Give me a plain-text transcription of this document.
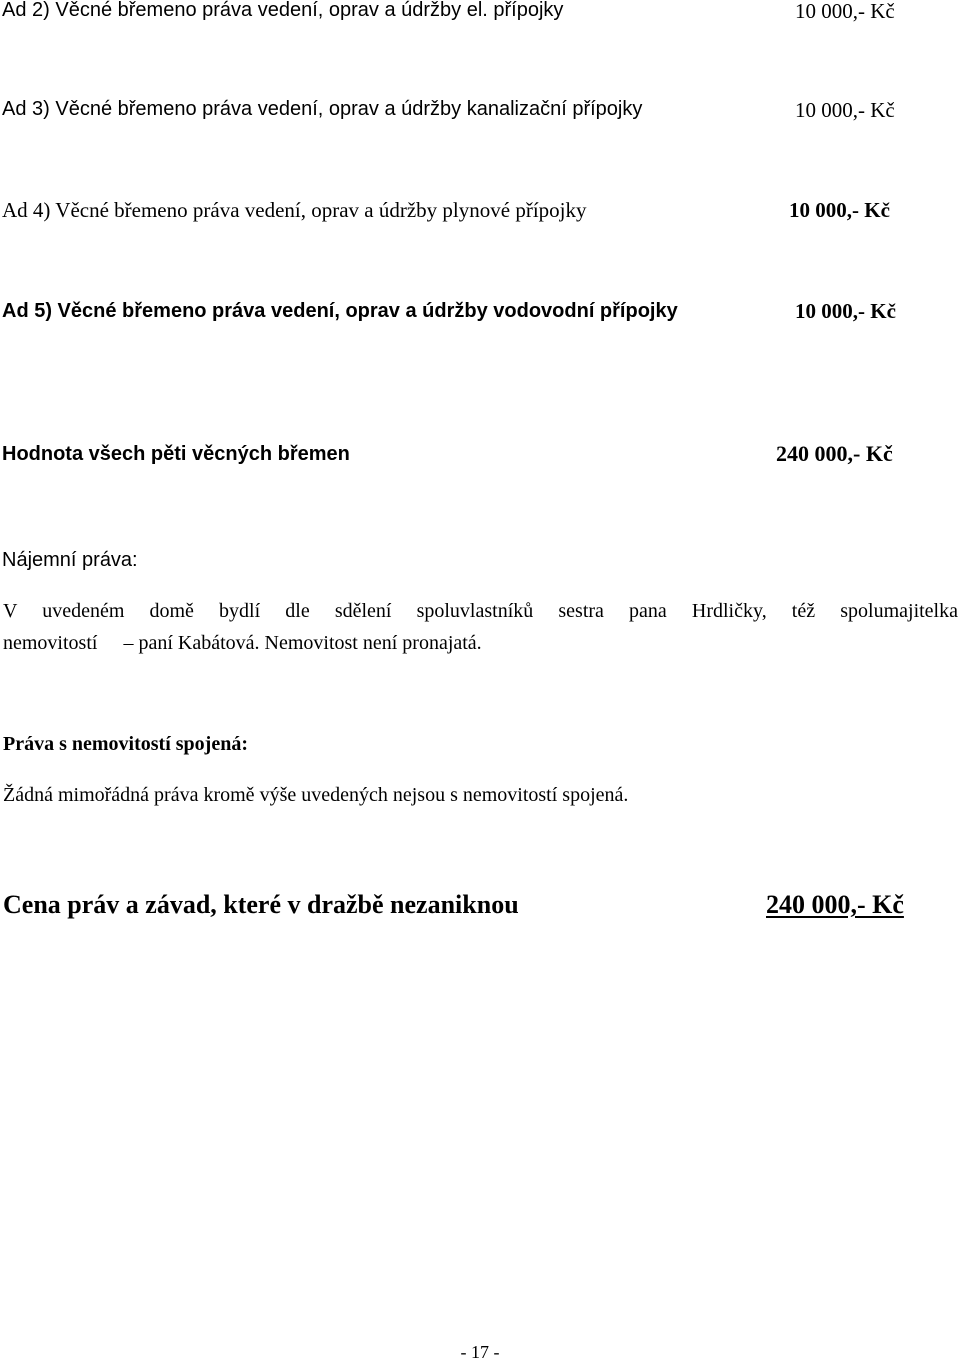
Ad 2) Věcné břemeno práva vedení, oprav a údržby el. přípojky	10 000,- Kč
Ad 3) Věcné břemeno práva vedení, oprav a údržby kanalizační přípojky	10 000,- Kč
Ad 4) Věcné břemeno práva vedení, oprav a údržby plynové přípojky	10 000,- Kč
Ad 5) Věcné břemeno práva vedení, oprav a údržby vodovodní přípojky	10 000,- Kč
Hodnota všech pěti věcných břemen	240 000,- Kč
Nájemní práva:
V uvedeném domě bydlí dle sdělení spoluvlastníků sestra pana Hrdličky, též spolumajitelka
nemovitostí – paní Kabátová. Nemovitost není pronajatá.
Práva s nemovitostí spojená:
Žádná mimořádná práva kromě výše uvedených nejsou s nemovitostí spojená.
Cena práv a závad, které v dražbě nezaniknou	240 000,- Kč
- 17 -
